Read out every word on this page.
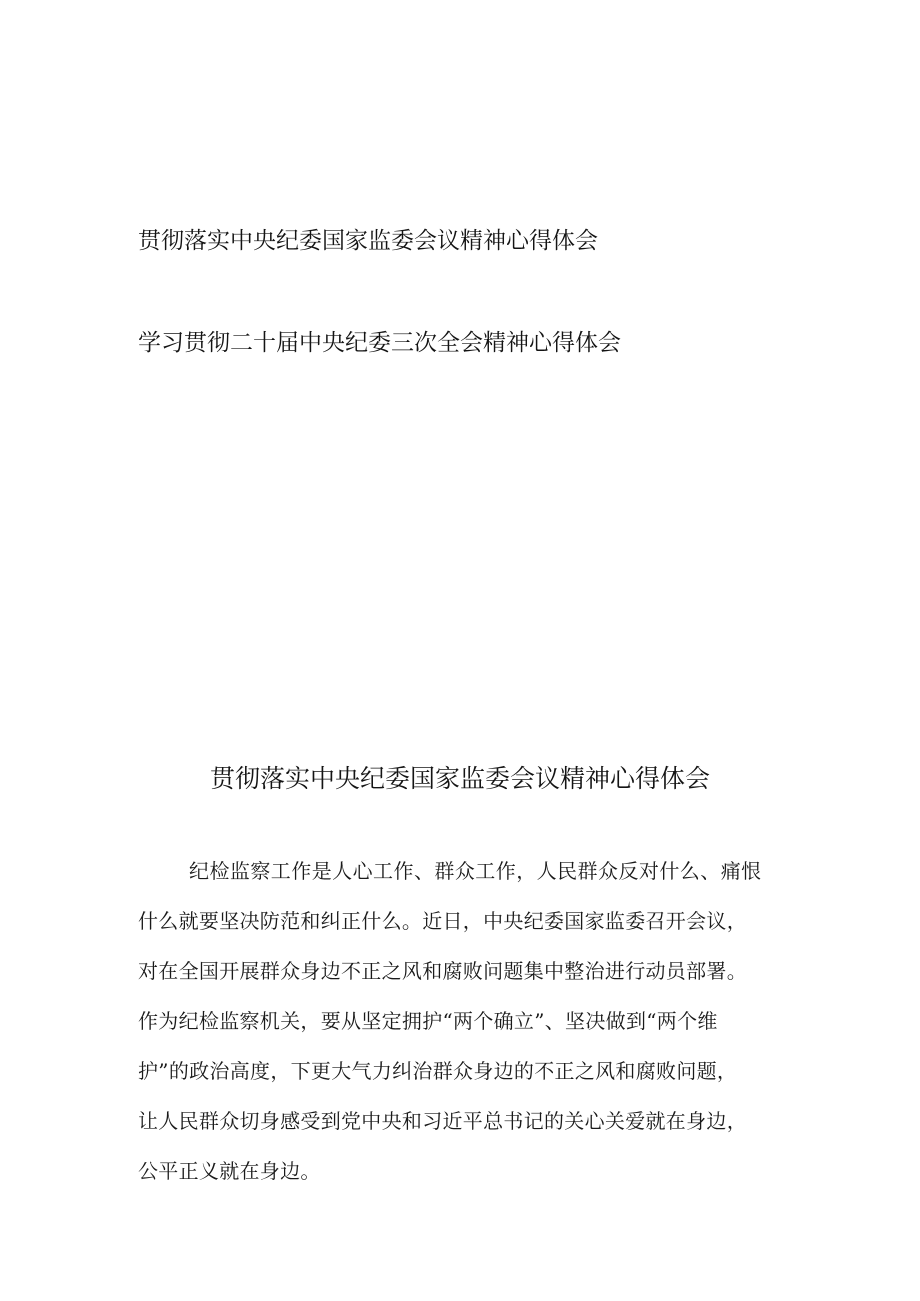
贯彻落实中央纪委国家监委会议精神心得体会
学习贯彻二十届中央纪委三次全会精神心得体会
贯彻落实中央纪委国家监委会议精神心得体会
纪检监察工作是人心工作、群众工作，人民群众反对什么、痛恨
什么就要坚决防范和纠正什么。近日，中央纪委国家监委召开会议，
对在全国开展群众身边不正之风和腐败问题集中整治进行动员部署。
作为纪检监察机关，要从坚定拥护“两个确立”、坚决做到“两个维
护”的政治高度，下更大气力纠治群众身边的不正之风和腐败问题，
让人民群众切身感受到党中央和习近平总书记的关心关爱就在身边，
公平正义就在身边。
